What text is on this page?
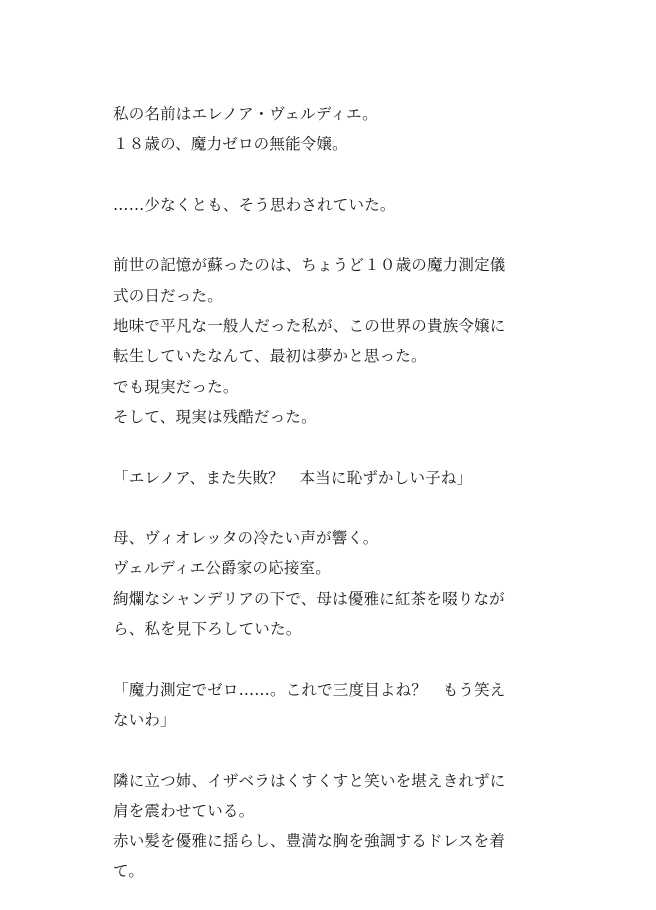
私の名前はエレノア・ヴェルディエ。
１８歳の、魔力ゼロの無能令嬢。
……少なくとも、そう思わされていた。
前世の記憶が蘇ったのは、ちょうど１０歳の魔力測定儀
式の日だった。
地味で平凡な一般人だった私が、この世界の貴族令嬢に
転生していたなんて、最初は夢かと思った。
でも現実だった。
そして、現実は残酷だった。
「エレノア、また失敗？　本当に恥ずかしい子ね」
母、ヴィオレッタの冷たい声が響く。
ヴェルディエ公爵家の応接室。
絢爛なシャンデリアの下で、母は優雅に紅茶を啜りなが
ら、私を見下ろしていた。
「魔力測定でゼロ……。これで三度目よね？　もう笑え
ないわ」
隣に立つ姉、イザベラはくすくすと笑いを堪えきれずに
肩を震わせている。
赤い髪を優雅に揺らし、豊満な胸を強調するドレスを着
て。
